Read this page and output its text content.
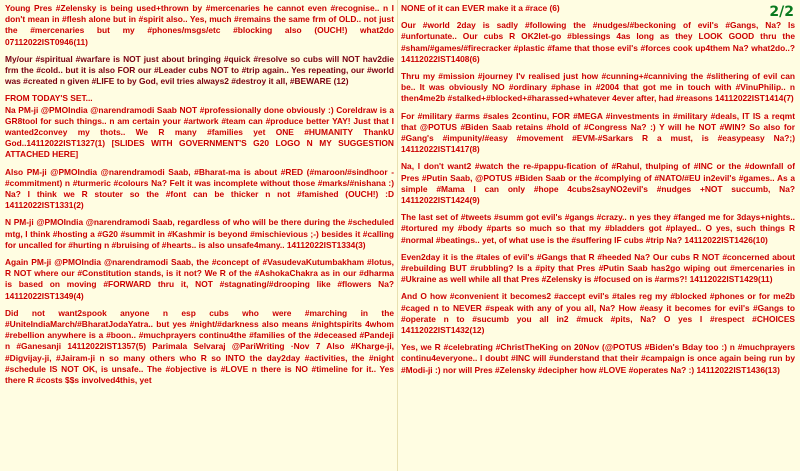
Young Pres #Zelensky is being used+thrown by #mercenaries he cannot even #recognise.. n I don't mean in #flesh alone but in #spirit also.. Yes, much #remains the same frm of OLD.. not just the #mercenaries but my #phones/msgs/etc #blocking also (OUCH!) what2do 07112022IST0946(11)

My/our #spiritual #warfare is NOT just about bringing #quick #resolve so cubs will NOT hav2die frm the #cold.. but it is also FOR our #Leader cubs NOT to #trip again.. Yes repeating, our #world was #created n given #LIFE to by God, evil tries always2 #destroy it all, #BEWARE (12)

FROM TODAY'S SET...

Na PM-ji @PMOIndia @narendramodi Saab NOT #professionally done obviously :) Coreldraw is a GR8tool for such things.. n am certain your #artwork #team can #produce better YAY! Just that I wanted2convey my thots.. We R many #families yet ONE #HUMANITY ThankU God..14112022IST1327(1) [SLIDES WITH GOVERNMENT'S G20 LOGO N MY SUGGESTION ATTACHED HERE]

Also PM-ji @PMOIndia @narendramodi Saab, #Bharat-ma is about #RED (#maroon/#sindhoor - #commitment) n #turmeric #colours Na? Felt it was incomplete without those #marks/#nishana :) Na? I think we R stouter so the #font can be thicker n not #famished (OUCH!) :D 14112022IST1331(2)

N PM-ji @PMOIndia @narendramodi Saab, regardless of who will be there during the #scheduled mtg, I think #hosting a #G20 #summit in #Kashmir is beyond #mischievious ;-) besides it #calling for uncalled for #hurting n #bruising of #hearts.. is also unsafe4many.. 14112022IST1334(3)

Again PM-ji @PMOIndia @narendramodi Saab, the #concept of #VasudevaKutumbakham #lotus, R NOT where our #Constitution stands, is it not? We R of the #AshokaChakra as in our #dharma is based on moving #FORWARD thru it, NOT #stagnating/#drooping like #flowers Na? 14112022IST1349(4)

Did not want2spook anyone n esp cubs who were #marching in the #UniteIndiaMarch/#BharatJodaYatra.. but yes #night/#darkness also means #nightspirits 4whom #rebellion anywhere is a #boon.. #muchprayers continu4the #families of the #deceased #Pandeji n #Ganesanji 14112022IST1357(5) Parimala Selvaraj @PariWriting ·Nov 7 Also #Kharge-ji, #Digvijay-ji, #Jairam-ji n so many others who R so INTO the day2day #activities, the #night #schedule IS NOT OK, is unsafe.. The #objective is #LOVE n there is NO #timeline for it.. Yes there R #costs $$s involved4this, yet

NONE of it can EVER make it a #race (6)

Our #world 2day is sadly #following the #nudges/#beckoning of evil's #Gangs, Na? Is #unfortunate.. Our cubs R OK2let-go #blessings 4as long as they LOOK GOOD thru the #sham/#games/#firecracker #plastic #fame that those evil's #forces cook up4them Na? what2do..? 14112022IST1408(6)

Thru my #mission #journey I'v realised just how #cunning+#canniving the #slithering of evil can be.. It was obviously NO #ordinary #phase in #2004 that got me in touch with #VinuPhilip.. n then4me2b #stalked+#blocked+#harassed+whatever 4ever after, had #reasons 14112022IST1414(7)

For #military #arms #sales 2continu, FOR #MEGA #investments in #military #deals, IT IS a reqmt that @POTUS #Biden Saab retains #hold of #Congress Na? :) Y will he NOT #WIN? So also for #Gang's #impunity/#easy #movement #EVM-#Sarkars R a must, is #easypeasy Na?;) 14112022IST1417(8)

Na, I don't want2 #watch the re-#pappu-fication of #Rahul, thulping of #INC or the #downfall of Pres #Putin Saab, @POTUS #Biden Saab or the #complying of #NATO/#EU in2evil's #games.. As a simple #Mama I can only #hope 4cubs2sayNO2evil's #nudges +NOT succumb, Na?14112022IST1424(9)

The last set of #tweets #summ got evil's #gangs #crazy.. n yes they #fanged me for 3days+nights.. #tortured my #body #parts so much so that my #bladders got #played.. O yes, such things R #normal #beatings.. yet, of what use is the #suffering IF cubs #trip Na? 14112022IST1426(10)

Even2day it is the #tales of evil's #Gangs that R #heeded Na? Our cubs R NOT #concerned about #rebuilding BUT #rubbling? Is a #pity that Pres #Putin Saab has2go wiping out #mercenaries in #Ukraine as well while all that Pres #Zelensky is #focused on is #arms?! 14112022IST1429(11)

And O how #convenient it becomes2 #accept evil's #tales reg my #blocked #phones or for me2b #caged n to NEVER #speak with any of you all, Na? How #easy it becomes for evil's #Gangs to #operate n to #sucumb you all in2 #muck #pits, Na? O yes I #respect #CHOICES 14112022IST1432(12)

Yes, we R #celebrating #ChristTheKing on 20Nov (@POTUS #Biden's Bday too :) n #muchprayers continu4everyone.. I doubt #INC will #understand that their #campaign is once again being run by #Modi-ji :) nor will Pres #Zelensky #decipher how #LOVE #operates Na? :) 14112022IST1436(13)

2/2
